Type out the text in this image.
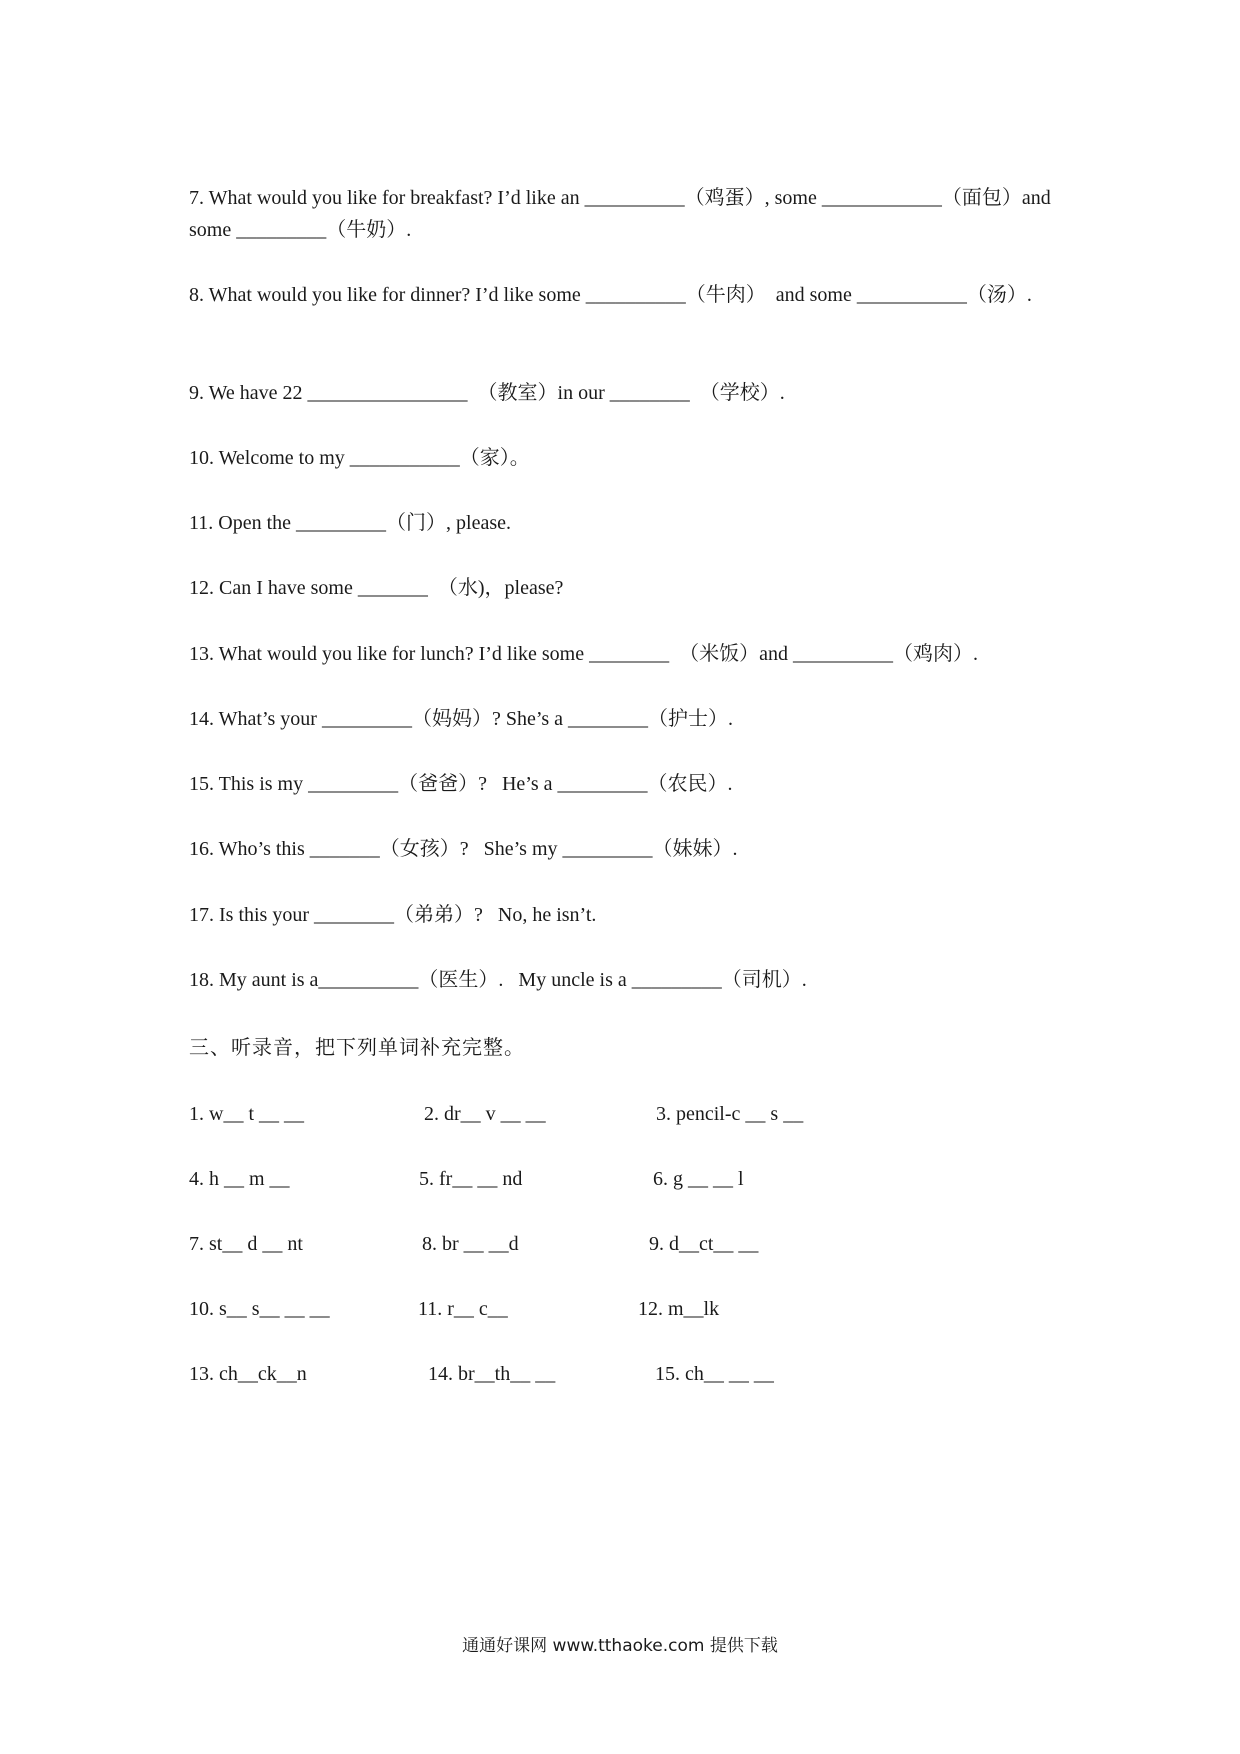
7. What would you like for breakfast? I’d like an __________（鸡蛋）, some ____________（面包）and some _________（牛奶）.
8. What would you like for dinner? I’d like some __________（牛肉）  and some ___________（汤）.
9. We have 22 ________________  （教室）in our ________  （学校）.
10. Welcome to my ___________（家）。
11. Open the _________（门）, please.
12. Can I have some _______  （水)，please?
13. What would you like for lunch? I’d like some ________  （米饭）and __________（鸡肉）.
14. What’s your _________（妈妈）? She’s a ________（护士）.
15. This is my _________（爸爸）?   He’s a _________（农民）.
16. Who’s this _______（女孩）?   She’s my _________（妹妹）.
17. Is this your ________（弟弟）?   No, he isn’t.
18. My aunt is a__________（医生）.   My uncle is a _________（司机）.
三、听录音，把下列单词补充完整。
1. w__ t __ __	2. dr__ v __ __	3. pencil-c __ s __
4. h __ m __	5. fr__ __ nd	6. g __ __ l
7. st__ d __ nt	8. br __ __d	9. d__ct__ __
10. s__ s__ __ __	11. r__ c__	12. m__lk
13. ch__ck__n	14. br__th__ __	15. ch__ __ __
通通好课网 www.tthaoke.com 提供下载
